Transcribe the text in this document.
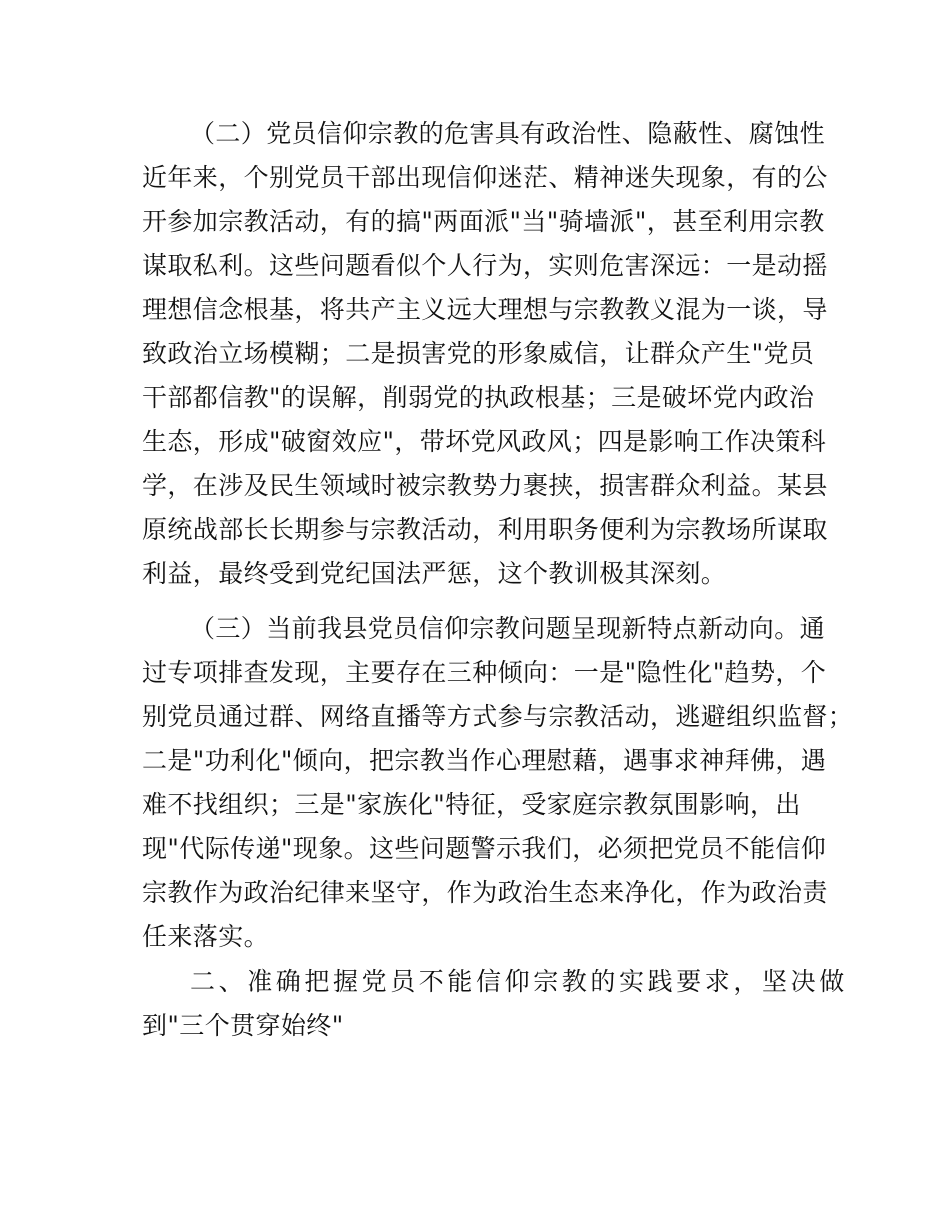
（二）党员信仰宗教的危害具有政治性、隐蔽性、腐蚀性

近年来，个别党员干部出现信仰迷茫、精神迷失现象，有的公

开参加宗教活动，有的搞"两面派"当"骑墙派"，甚至利用宗教

谋取私利。这些问题看似个人行为，实则危害深远：一是动摇

理想信念根基，将共产主义远大理想与宗教教义混为一谈，导

致政治立场模糊；二是损害党的形象威信，让群众产生"党员

干部都信教"的误解，削弱党的执政根基；三是破坏党内政治

生态，形成"破窗效应"，带坏党风政风；四是影响工作决策科

学，在涉及民生领域时被宗教势力裹挟，损害群众利益。某县

原统战部长长期参与宗教活动，利用职务便利为宗教场所谋取

利益，最终受到党纪国法严惩，这个教训极其深刻。

（三）当前我县党员信仰宗教问题呈现新特点新动向。通

过专项排查发现，主要存在三种倾向：一是"隐性化"趋势，个

别党员通过群、网络直播等方式参与宗教活动，逃避组织监督；

二是"功利化"倾向，把宗教当作心理慰藉，遇事求神拜佛，遇

难不找组织；三是"家族化"特征，受家庭宗教氛围影响，出

现"代际传递"现象。这些问题警示我们，必须把党员不能信仰

宗教作为政治纪律来坚守，作为政治生态来净化，作为政治责

任来落实。

二、准确把握党员不能信仰宗教的实践要求，坚决做

到"三个贯穿始终"
